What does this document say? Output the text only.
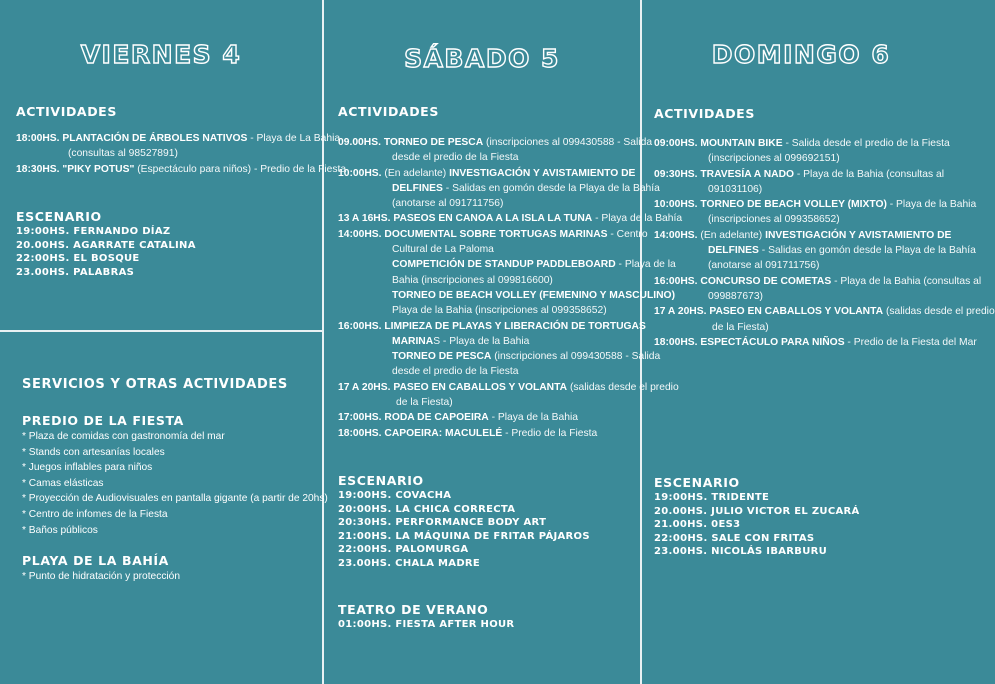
VIERNES 4
ACTIVIDADES
18:00HS. PLANTACIÓN DE ÁRBOLES NATIVOS - Playa de La Bahia
(consultas al 98527891)
18:30HS. "PIKY POTUS" (Espectáculo para niños) - Predio de la Fiesta
ESCENARIO
19:00HS. FERNANDO DÍAZ
20.00HS. AGARRATE CATALINA
22:00HS. EL BOSQUE
23.00HS. PALABRAS
SERVICIOS Y OTRAS ACTIVIDADES
PREDIO DE LA FIESTA
* Plaza de comidas con gastronomía del mar
* Stands con artesanías locales
* Juegos inflables para niños
* Camas elásticas
* Proyección de Audiovisuales en pantalla gigante (a partir de 20hs)
* Centro de infomes de la Fiesta
* Baños públicos
PLAYA DE LA BAHÍA
* Punto de hidratación y protección
SÁBADO 5
ACTIVIDADES
09.00HS. TORNEO DE PESCA (inscripciones al 099430588 - Salida
desde el predio de la Fiesta
10:00HS. (En adelante) INVESTIGACIÓN Y AVISTAMIENTO DE
DELFINES - Salidas en gomón desde la Playa de la Bahía
(anotarse al 091711756)
13 A 16HS. PASEOS EN CANOA A LA ISLA LA TUNA - Playa de la Bahía
14:00HS. DOCUMENTAL SOBRE TORTUGAS MARINAS - Centro
Cultural de La Paloma
COMPETICIÓN DE STANDUP PADDLEBOARD - Playa de la
Bahia (inscripciones al 099816600)
TORNEO DE BEACH VOLLEY (FEMENINO Y MASCULINO)
Playa de la Bahia (inscripciones al 099358652)
16:00HS. LIMPIEZA DE PLAYAS Y LIBERACIÓN DE TORTUGAS
MARINAS - Playa de la Bahia
TORNEO DE PESCA (inscripciones al 099430588 - Salida
desde el predio de la Fiesta
17 A 20HS. PASEO EN CABALLOS Y VOLANTA (salidas desde el predio
de la Fiesta)
17:00HS. RODA DE CAPOEIRA - Playa de la Bahia
18:00HS. CAPOEIRA: MACULELÉ - Predio de la Fiesta
ESCENARIO
19:00HS. COVACHA
20:00HS. LA CHICA CORRECTA
20:30HS. PERFORMANCE BODY ART
21:00HS. LA MÁQUINA DE FRITAR PÁJAROS
22:00HS. PALOMURGA
23.00HS. CHALA MADRE
TEATRO DE VERANO
01:00HS. FIESTA AFTER HOUR
DOMINGO 6
ACTIVIDADES
09:00HS. MOUNTAIN BIKE - Salida desde el predio de la Fiesta
(inscripciones al 099692151)
09:30HS. TRAVESÍA A NADO - Playa de la Bahia (consultas al
091031106)
10:00HS. TORNEO DE BEACH VOLLEY (MIXTO) - Playa de la Bahia
(inscripciones al 099358652)
14:00HS. (En adelante) INVESTIGACIÓN Y AVISTAMIENTO DE
DELFINES - Salidas en gomón desde la Playa de la Bahía
(anotarse al 091711756)
16:00HS. CONCURSO DE COMETAS - Playa de la Bahia (consultas al
099887673)
17 A 20HS. PASEO EN CABALLOS Y VOLANTA (salidas desde el predio
de la Fiesta)
18:00HS. ESPECTÁCULO PARA NIÑOS - Predio de la Fiesta del Mar
ESCENARIO
19:00HS. TRIDENTE
20.00HS. JULIO VICTOR EL ZUCARÁ
21.00HS. 0ES3
22:00HS. SALE CON FRITAS
23.00HS. NICOLÁS IBARBURU
